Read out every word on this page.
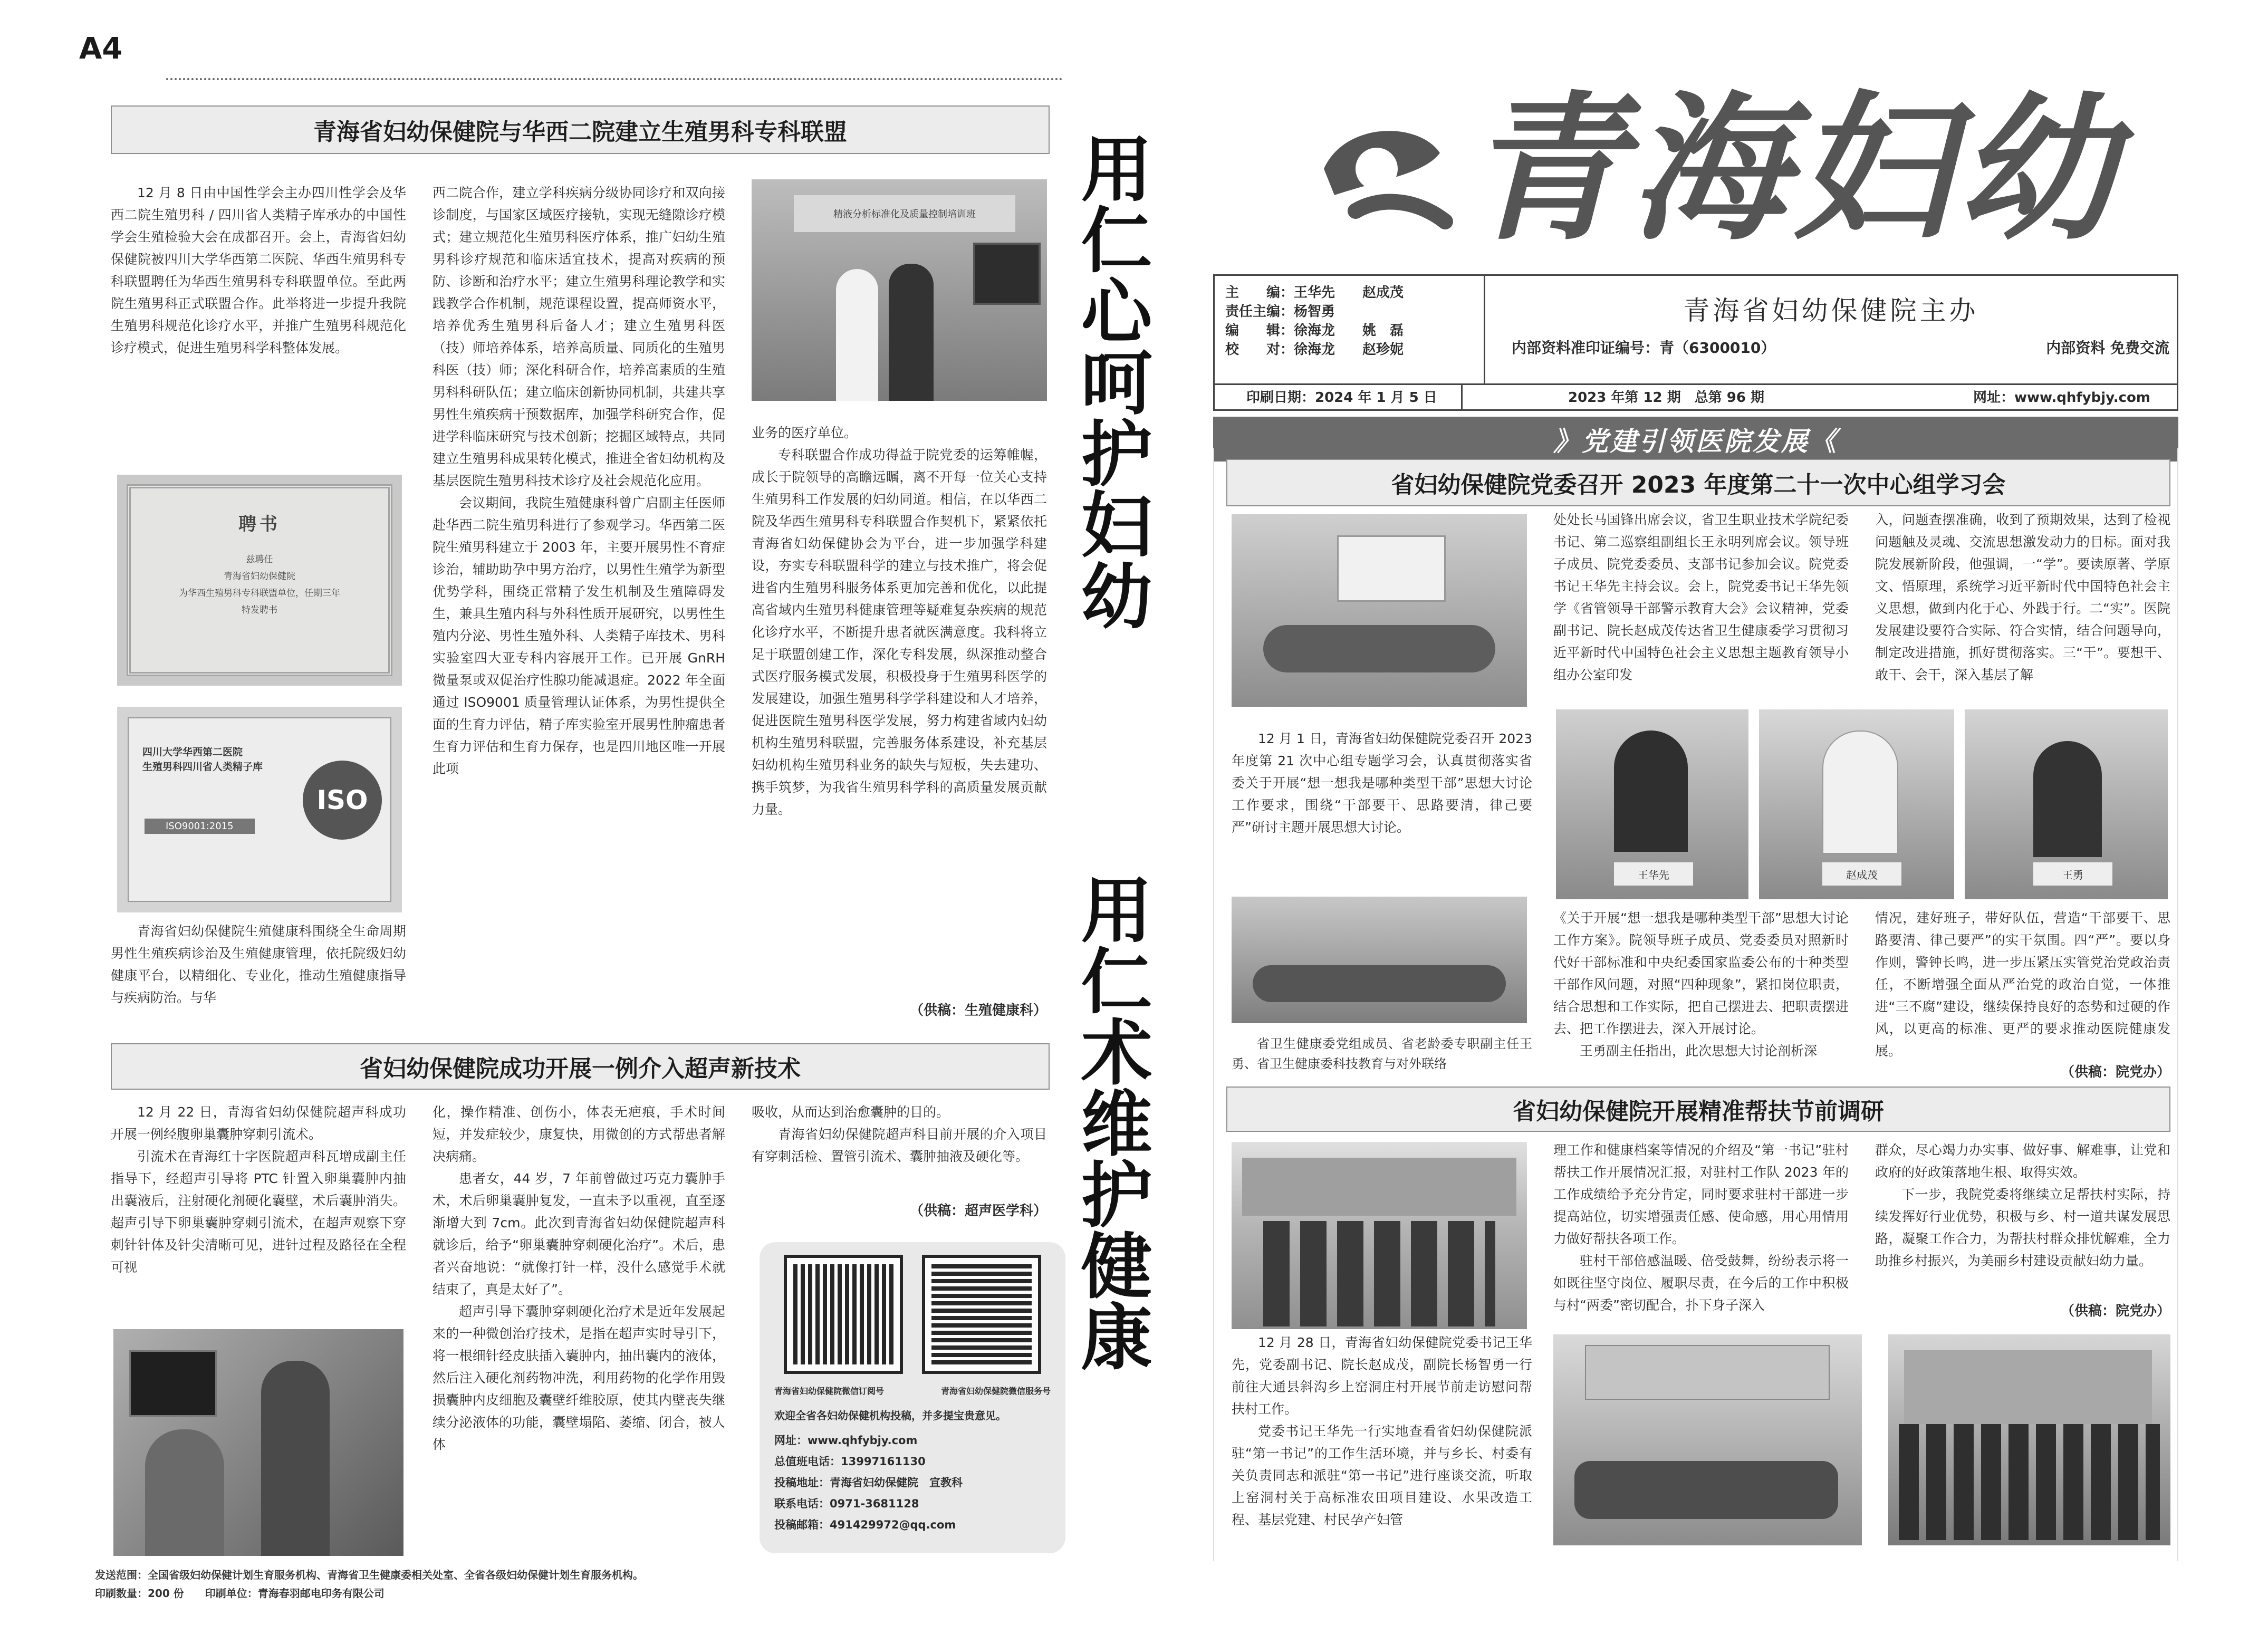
A4
青海省妇幼保健院与华西二院建立生殖男科专科联盟

12 月 8 日由中国性学会主办四川性学会及华西二院生殖男科 / 四川省人类精子库承办的中国性学会生殖检验大会在成都召开。会上，青海省妇幼保健院被四川大学华西第二医院、华西生殖男科专科联盟聘任为华西生殖男科专科联盟单位。至此两院生殖男科正式联盟合作。此举将进一步提升我院生殖男科规范化诊疗水平，并推广生殖男科规范化诊疗模式，促进生殖男科学科整体发展。

聘书
兹聘任
青海省妇幼保健院
为华西生殖男科专科联盟单位，任期三年
特发聘书
四川大学华西第二医院
生殖男科四川省人类精子库
ISO
ISO9001:2015

青海省妇幼保健院生殖健康科围绕全生命周期男性生殖疾病诊治及生殖健康管理，依托院级妇幼健康平台，以精细化、专业化，推动生殖健康指导与疾病防治。与华

西二院合作，建立学科疾病分级协同诊疗和双向接诊制度，与国家区域医疗接轨，实现无缝隙诊疗模式；建立规范化生殖男科医疗体系，推广妇幼生殖男科诊疗规范和临床适宜技术，提高对疾病的预防、诊断和治疗水平；建立生殖男科理论教学和实践教学合作机制，规范课程设置，提高师资水平，培养优秀生殖男科后备人才；建立生殖男科医（技）师培养体系，培养高质量、同质化的生殖男科医（技）师；深化科研合作，培养高素质的生殖男科科研队伍；建立临床创新协同机制，共建共享男性生殖疾病干预数据库，加强学科研究合作，促进学科临床研究与技术创新；挖掘区域特点，共同建立生殖男科成果转化模式，推进全省妇幼机构及基层医院生殖男科技术诊疗及社会规范化应用。

会议期间，我院生殖健康科曾广启副主任医师赴华西二院生殖男科进行了参观学习。华西第二医院生殖男科建立于 2003 年，主要开展男性不育症诊治，辅助助孕中男方治疗，以男性生殖学为新型优势学科，围绕正常精子发生机制及生殖障碍发生，兼具生殖内科与外科性质开展研究，以男性生殖内分泌、男性生殖外科、人类精子库技术、男科实验室四大亚专科内容展开工作。已开展 GnRH 微量泵或双促治疗性腺功能减退症。2022 年全面通过 ISO9001 质量管理认证体系，为男性提供全面的生育力评估，精子库实验室开展男性肿瘤患者生育力评估和生育力保存，也是四川地区唯一开展此项

精液分析标准化及质量控制培训班

业务的医疗单位。

专科联盟合作成功得益于院党委的运筹帷幄，成长于院领导的高瞻远瞩，离不开每一位关心支持生殖男科工作发展的妇幼同道。相信，在以华西二院及华西生殖男科专科联盟合作契机下，紧紧依托青海省妇幼保健协会为平台，进一步加强学科建设，夯实专科联盟科学的建立与技术推广，将会促进省内生殖男科服务体系更加完善和优化，以此提高省域内生殖男科健康管理等疑难复杂疾病的规范化诊疗水平，不断提升患者就医满意度。我科将立足于联盟创建工作，深化专科发展，纵深推动整合式医疗服务模式发展，积极投身于生殖男科医学的发展建设，加强生殖男科学学科建设和人才培养，促进医院生殖男科医学发展，努力构建省域内妇幼机构生殖男科联盟，完善服务体系建设，补充基层妇幼机构生殖男科业务的缺失与短板，失去建功、携手筑梦，为我省生殖男科学科的高质量发展贡献力量。

（供稿：生殖健康科）
省妇幼保健院成功开展一例介入超声新技术

12 月 22 日，青海省妇幼保健院超声科成功开展一例经腹卵巢囊肿穿刺引流术。

引流术在青海红十字医院超声科瓦增成副主任指导下，经超声引导将 PTC 针置入卵巢囊肿内抽出囊液后，注射硬化剂硬化囊壁，术后囊肿消失。超声引导下卵巢囊肿穿刺引流术，在超声观察下穿刺针针体及针尖清晰可见，进针过程及路径在全程可视

化，操作精准、创伤小，体表无疤痕，手术时间短，并发症较少，康复快，用微创的方式帮患者解决病痛。

患者女，44 岁，7 年前曾做过巧克力囊肿手术，术后卵巢囊肿复发，一直未予以重视，直至逐渐增大到 7cm。此次到青海省妇幼保健院超声科就诊后，给予“卵巢囊肿穿刺硬化治疗”。术后，患者兴奋地说：“就像打针一样，没什么感觉手术就结束了，真是太好了”。

超声引导下囊肿穿刺硬化治疗术是近年发展起来的一种微创治疗技术，是指在超声实时导引下，将一根细针经皮肤插入囊肿内，抽出囊内的液体，然后注入硬化剂药物冲洗，利用药物的化学作用毁损囊肿内皮细胞及囊壁纤维胶原，使其内壁丧失继续分泌液体的功能，囊壁塌陷、萎缩、闭合，被人体

吸收，从而达到治愈囊肿的目的。

青海省妇幼保健院超声科目前开展的介入项目有穿刺活检、置管引流术、囊肿抽液及硬化等。

（供稿：超声医学科）
青海省妇幼保健院微信订阅号	青海省妇幼保健院微信服务号
欢迎全省各妇幼保健机构投稿，并多提宝贵意见。
网址：www.qhfybjy.com
总值班电话：13997161130
投稿地址：青海省妇幼保健院　宣教科
联系电话：0971-3681128
投稿邮箱：491429972@qq.com
发送范围：全国省级妇幼保健计划生育服务机构、青海省卫生健康委相关处室、全省各级妇幼保健计划生育服务机构。
印刷数量：200 份　　印刷单位：青海春羽邮电印务有限公司
用仁心呵护妇幼
用仁术维护健康
青海妇幼
主　　编：王华先　　赵成茂
责任主编：杨智勇
编　　辑：徐海龙　　姚　磊
校　　对：徐海龙　　赵珍妮
青海省妇幼保健院主办
内部资料准印证编号：青（6300010）	内部资料 免费交流
印刷日期：2024 年 1 月 5 日	2023 年第 12 期　总第 96 期	网址：www.qhfybjy.com
》党建引领医院发展《
省妇幼保健院党委召开 2023 年度第二十一次中心组学习会

处处长马国锋出席会议，省卫生职业技术学院纪委书记、第二巡察组副组长王永明列席会议。领导班子成员、院党委委员、支部书记参加会议。院党委书记王华先主持会议。会上，院党委书记王华先领学《省管领导干部警示教育大会》会议精神，党委副书记、院长赵成茂传达省卫生健康委学习贯彻习近平新时代中国特色社会主义思想主题教育领导小组办公室印发

入，问题查摆准确，收到了预期效果，达到了检视问题触及灵魂、交流思想激发动力的目标。面对我院发展新阶段，他强调，一“学”。要读原著、学原文、悟原理，系统学习近平新时代中国特色社会主义思想，做到内化于心、外践于行。二“实”。医院发展建设要符合实际、符合实情，结合问题导向，制定改进措施，抓好贯彻落实。三“干”。要想干、敢干、会干，深入基层了解

12 月 1 日，青海省妇幼保健院党委召开 2023 年度第 21 次中心组专题学习会，认真贯彻落实省委关于开展“想一想我是哪种类型干部”思想大讨论工作要求，围绕“干部要干、思路要清，律己要严”研讨主题开展思想大讨论。

王华先	赵成茂	王勇
省卫生健康委党组成员、省老龄委专职副主任王勇、省卫生健康委科技教育与对外联络

《关于开展“想一想我是哪种类型干部”思想大讨论工作方案》。院领导班子成员、党委委员对照新时代好干部标准和中央纪委国家监委公布的十种类型干部作风问题，对照“四种现象”，紧扣岗位职责，结合思想和工作实际，把自己摆进去、把职责摆进去、把工作摆进去，深入开展讨论。

王勇副主任指出，此次思想大讨论剖析深

情况，建好班子，带好队伍，营造“干部要干、思路要清、律己要严”的实干氛围。四“严”。要以身作则，警钟长鸣，进一步压紧压实管党治党政治责任，不断增强全面从严治党的政治自觉，一体推进“三不腐”建设，继续保持良好的态势和过硬的作风，以更高的标准、更严的要求推动医院健康发展。

（供稿：院党办）
省妇幼保健院开展精准帮扶节前调研

理工作和健康档案等情况的介绍及“第一书记”驻村帮扶工作开展情况汇报，对驻村工作队 2023 年的工作成绩给予充分肯定，同时要求驻村干部进一步提高站位，切实增强责任感、使命感，用心用情用力做好帮扶各项工作。

驻村干部倍感温暖、倍受鼓舞，纷纷表示将一如既往坚守岗位、履职尽责，在今后的工作中积极与村“两委”密切配合，扑下身子深入

群众，尽心竭力办实事、做好事、解难事，让党和政府的好政策落地生根、取得实效。

下一步，我院党委将继续立足帮扶村实际，持续发挥好行业优势，积极与乡、村一道共谋发展思路，凝聚工作合力，为帮扶村群众排忧解难，全力助推乡村振兴，为美丽乡村建设贡献妇幼力量。

（供稿：院党办）

12 月 28 日，青海省妇幼保健院党委书记王华先，党委副书记、院长赵成茂，副院长杨智勇一行前往大通县斜沟乡上窑洞庄村开展节前走访慰问帮扶村工作。

党委书记王华先一行实地查看省妇幼保健院派驻“第一书记”的工作生活环境，并与乡长、村委有关负责同志和派驻“第一书记”进行座谈交流，听取上窑洞村关于高标准农田项目建设、水果改造工程、基层党建、村民孕产妇管
